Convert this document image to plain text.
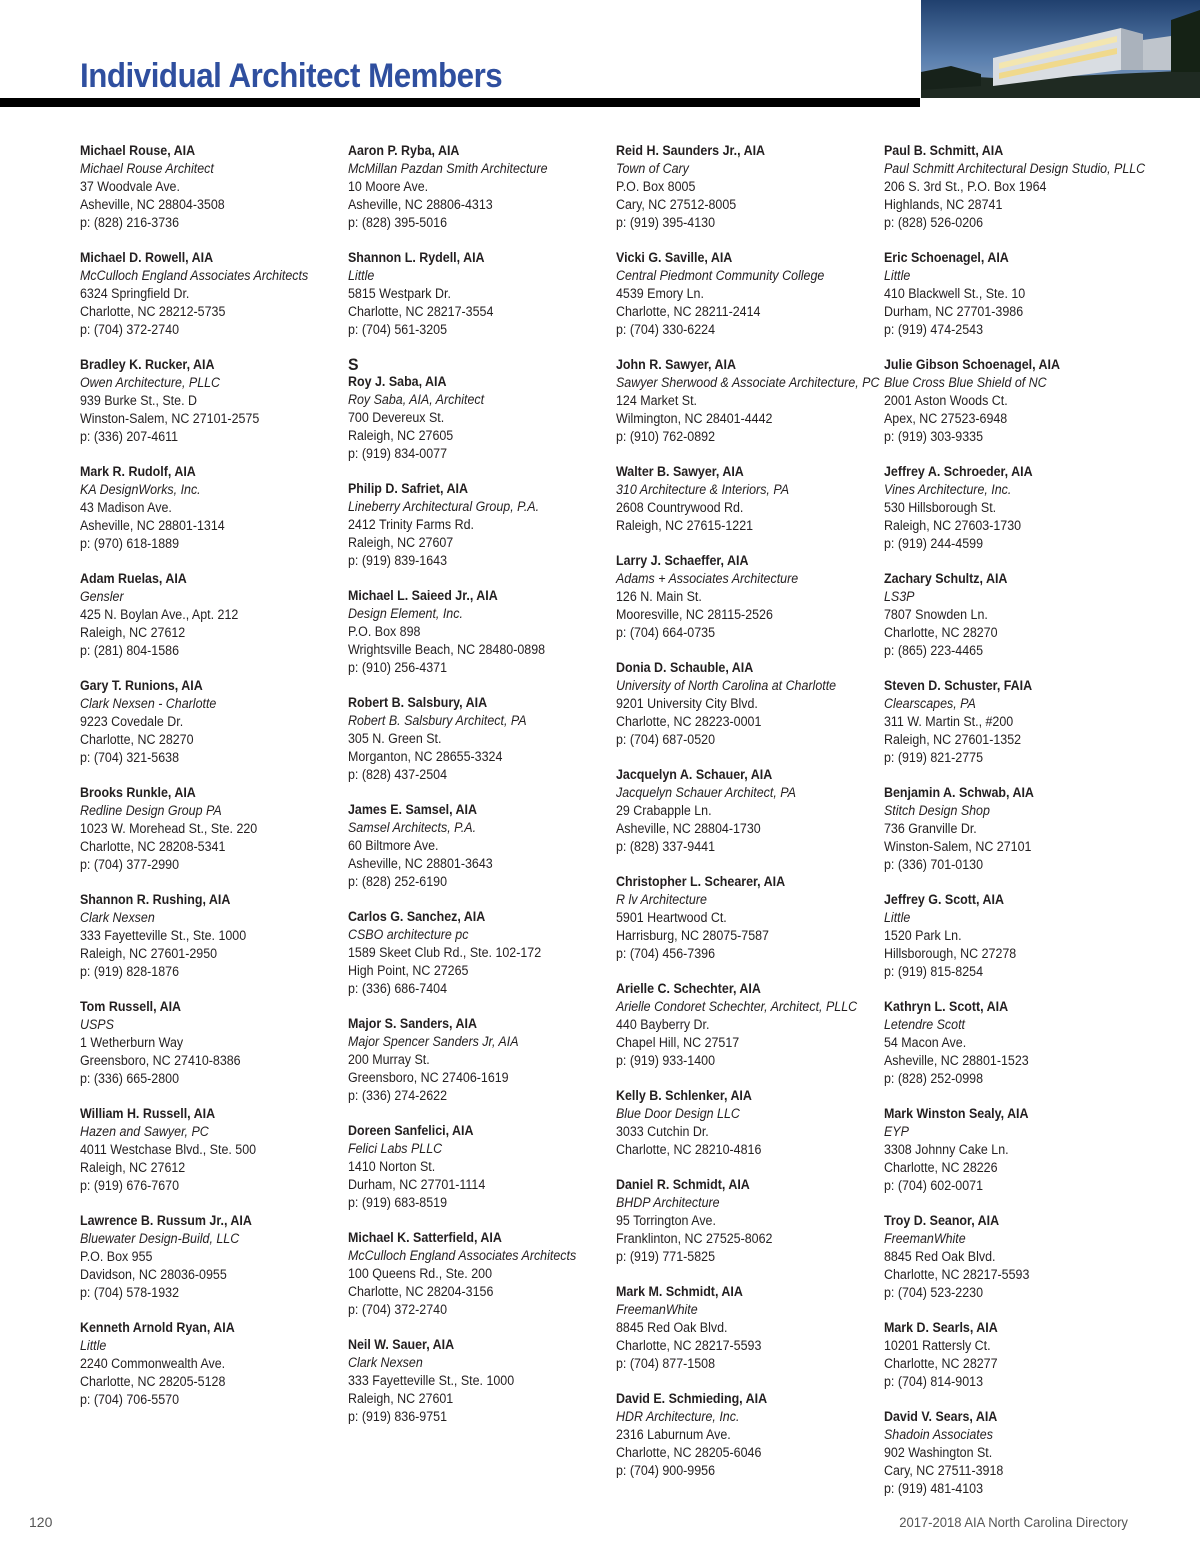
Individual Architect Members
Michael Rouse, AIA
Michael Rouse Architect
37 Woodvale Ave.
Asheville, NC 28804-3508
p: (828) 216-3736
Michael D. Rowell, AIA
McCulloch England Associates Architects
6324 Springfield Dr.
Charlotte, NC 28212-5735
p: (704) 372-2740
Bradley K. Rucker, AIA
Owen Architecture, PLLC
939 Burke St., Ste. D
Winston-Salem, NC 27101-2575
p: (336) 207-4611
Mark R. Rudolf, AIA
KA DesignWorks, Inc.
43 Madison Ave.
Asheville, NC 28801-1314
p: (970) 618-1889
Adam Ruelas, AIA
Gensler
425 N. Boylan Ave., Apt. 212
Raleigh, NC 27612
p: (281) 804-1586
Gary T. Runions, AIA
Clark Nexsen - Charlotte
9223 Covedale Dr.
Charlotte, NC 28270
p: (704) 321-5638
Brooks Runkle, AIA
Redline Design Group PA
1023 W. Morehead St., Ste. 220
Charlotte, NC 28208-5341
p: (704) 377-2990
Shannon R. Rushing, AIA
Clark Nexsen
333 Fayetteville St., Ste. 1000
Raleigh, NC 27601-2950
p: (919) 828-1876
Tom Russell, AIA
USPS
1 Wetherburn Way
Greensboro, NC 27410-8386
p: (336) 665-2800
William H. Russell, AIA
Hazen and Sawyer, PC
4011 Westchase Blvd., Ste. 500
Raleigh, NC 27612
p: (919) 676-7670
Lawrence B. Russum Jr., AIA
Bluewater Design-Build, LLC
P.O. Box 955
Davidson, NC 28036-0955
p: (704) 578-1932
Kenneth Arnold Ryan, AIA
Little
2240 Commonwealth Ave.
Charlotte, NC 28205-5128
p: (704) 706-5570
Aaron P. Ryba, AIA
McMillan Pazdan Smith Architecture
10 Moore Ave.
Asheville, NC 28806-4313
p: (828) 395-5016
Shannon L. Rydell, AIA
Little
5815 Westpark Dr.
Charlotte, NC 28217-3554
p: (704) 561-3205
S
Roy J. Saba, AIA
Roy Saba, AIA, Architect
700 Devereux St.
Raleigh, NC 27605
p: (919) 834-0077
Philip D. Safriet, AIA
Lineberry Architectural Group, P.A.
2412 Trinity Farms Rd.
Raleigh, NC 27607
p: (919) 839-1643
Michael L. Saieed Jr., AIA
Design Element, Inc.
P.O. Box 898
Wrightsville Beach, NC 28480-0898
p: (910) 256-4371
Robert B. Salsbury, AIA
Robert B. Salsbury Architect, PA
305 N. Green St.
Morganton, NC 28655-3324
p: (828) 437-2504
James E. Samsel, AIA
Samsel Architects, P.A.
60 Biltmore Ave.
Asheville, NC 28801-3643
p: (828) 252-6190
Carlos G. Sanchez, AIA
CSBO architecture pc
1589 Skeet Club Rd., Ste. 102-172
High Point, NC 27265
p: (336) 686-7404
Major S. Sanders, AIA
Major Spencer Sanders Jr, AIA
200 Murray St.
Greensboro, NC 27406-1619
p: (336) 274-2622
Doreen Sanfelici, AIA
Felici Labs PLLC
1410 Norton St.
Durham, NC 27701-1114
p: (919) 683-8519
Michael K. Satterfield, AIA
McCulloch England Associates Architects
100 Queens Rd., Ste. 200
Charlotte, NC 28204-3156
p: (704) 372-2740
Neil W. Sauer, AIA
Clark Nexsen
333 Fayetteville St., Ste. 1000
Raleigh, NC 27601
p: (919) 836-9751
Reid H. Saunders Jr., AIA
Town of Cary
P.O. Box 8005
Cary, NC 27512-8005
p: (919) 395-4130
Vicki G. Saville, AIA
Central Piedmont Community College
4539 Emory Ln.
Charlotte, NC 28211-2414
p: (704) 330-6224
John R. Sawyer, AIA
Sawyer Sherwood & Associate Architecture, PC
124 Market St.
Wilmington, NC 28401-4442
p: (910) 762-0892
Walter B. Sawyer, AIA
310 Architecture & Interiors, PA
2608 Countrywood Rd.
Raleigh, NC 27615-1221
Larry J. Schaeffer, AIA
Adams + Associates Architecture
126 N. Main St.
Mooresville, NC 28115-2526
p: (704) 664-0735
Donia D. Schauble, AIA
University of North Carolina at Charlotte
9201 University City Blvd.
Charlotte, NC 28223-0001
p: (704) 687-0520
Jacquelyn A. Schauer, AIA
Jacquelyn Schauer Architect, PA
29 Crabapple Ln.
Asheville, NC 28804-1730
p: (828) 337-9441
Christopher L. Schearer, AIA
R lv Architecture
5901 Heartwood Ct.
Harrisburg, NC 28075-7587
p: (704) 456-7396
Arielle C. Schechter, AIA
Arielle Condoret Schechter, Architect, PLLC
440 Bayberry Dr.
Chapel Hill, NC 27517
p: (919) 933-1400
Kelly B. Schlenker, AIA
Blue Door Design LLC
3033 Cutchin Dr.
Charlotte, NC 28210-4816
Daniel R. Schmidt, AIA
BHDP Architecture
95 Torrington Ave.
Franklinton, NC 27525-8062
p: (919) 771-5825
Mark M. Schmidt, AIA
FreemanWhite
8845 Red Oak Blvd.
Charlotte, NC 28217-5593
p: (704) 877-1508
David E. Schmieding, AIA
HDR Architecture, Inc.
2316 Laburnum Ave.
Charlotte, NC 28205-6046
p: (704) 900-9956
Paul B. Schmitt, AIA
Paul Schmitt Architectural Design Studio, PLLC
206 S. 3rd St., P.O. Box 1964
Highlands, NC 28741
p: (828) 526-0206
Eric Schoenagel, AIA
Little
410 Blackwell St., Ste. 10
Durham, NC 27701-3986
p: (919) 474-2543
Julie Gibson Schoenagel, AIA
Blue Cross Blue Shield of NC
2001 Aston Woods Ct.
Apex, NC 27523-6948
p: (919) 303-9335
Jeffrey A. Schroeder, AIA
Vines Architecture, Inc.
530 Hillsborough St.
Raleigh, NC 27603-1730
p: (919) 244-4599
Zachary Schultz, AIA
LS3P
7807 Snowden Ln.
Charlotte, NC 28270
p: (865) 223-4465
Steven D. Schuster, FAIA
Clearscapes, PA
311 W. Martin St., #200
Raleigh, NC 27601-1352
p: (919) 821-2775
Benjamin A. Schwab, AIA
Stitch Design Shop
736 Granville Dr.
Winston-Salem, NC 27101
p: (336) 701-0130
Jeffrey G. Scott, AIA
Little
1520 Park Ln.
Hillsborough, NC 27278
p: (919) 815-8254
Kathryn L. Scott, AIA
Letendre Scott
54 Macon Ave.
Asheville, NC 28801-1523
p: (828) 252-0998
Mark Winston Sealy, AIA
EYP
3308 Johnny Cake Ln.
Charlotte, NC 28226
p: (704) 602-0071
Troy D. Seanor, AIA
FreemanWhite
8845 Red Oak Blvd.
Charlotte, NC 28217-5593
p: (704) 523-2230
Mark D. Searls, AIA
10201 Rattersly Ct.
Charlotte, NC 28277
p: (704) 814-9013
David V. Sears, AIA
Shadoin Associates
902 Washington St.
Cary, NC 27511-3918
p: (919) 481-4103
120	2017-2018 AIA North Carolina Directory
